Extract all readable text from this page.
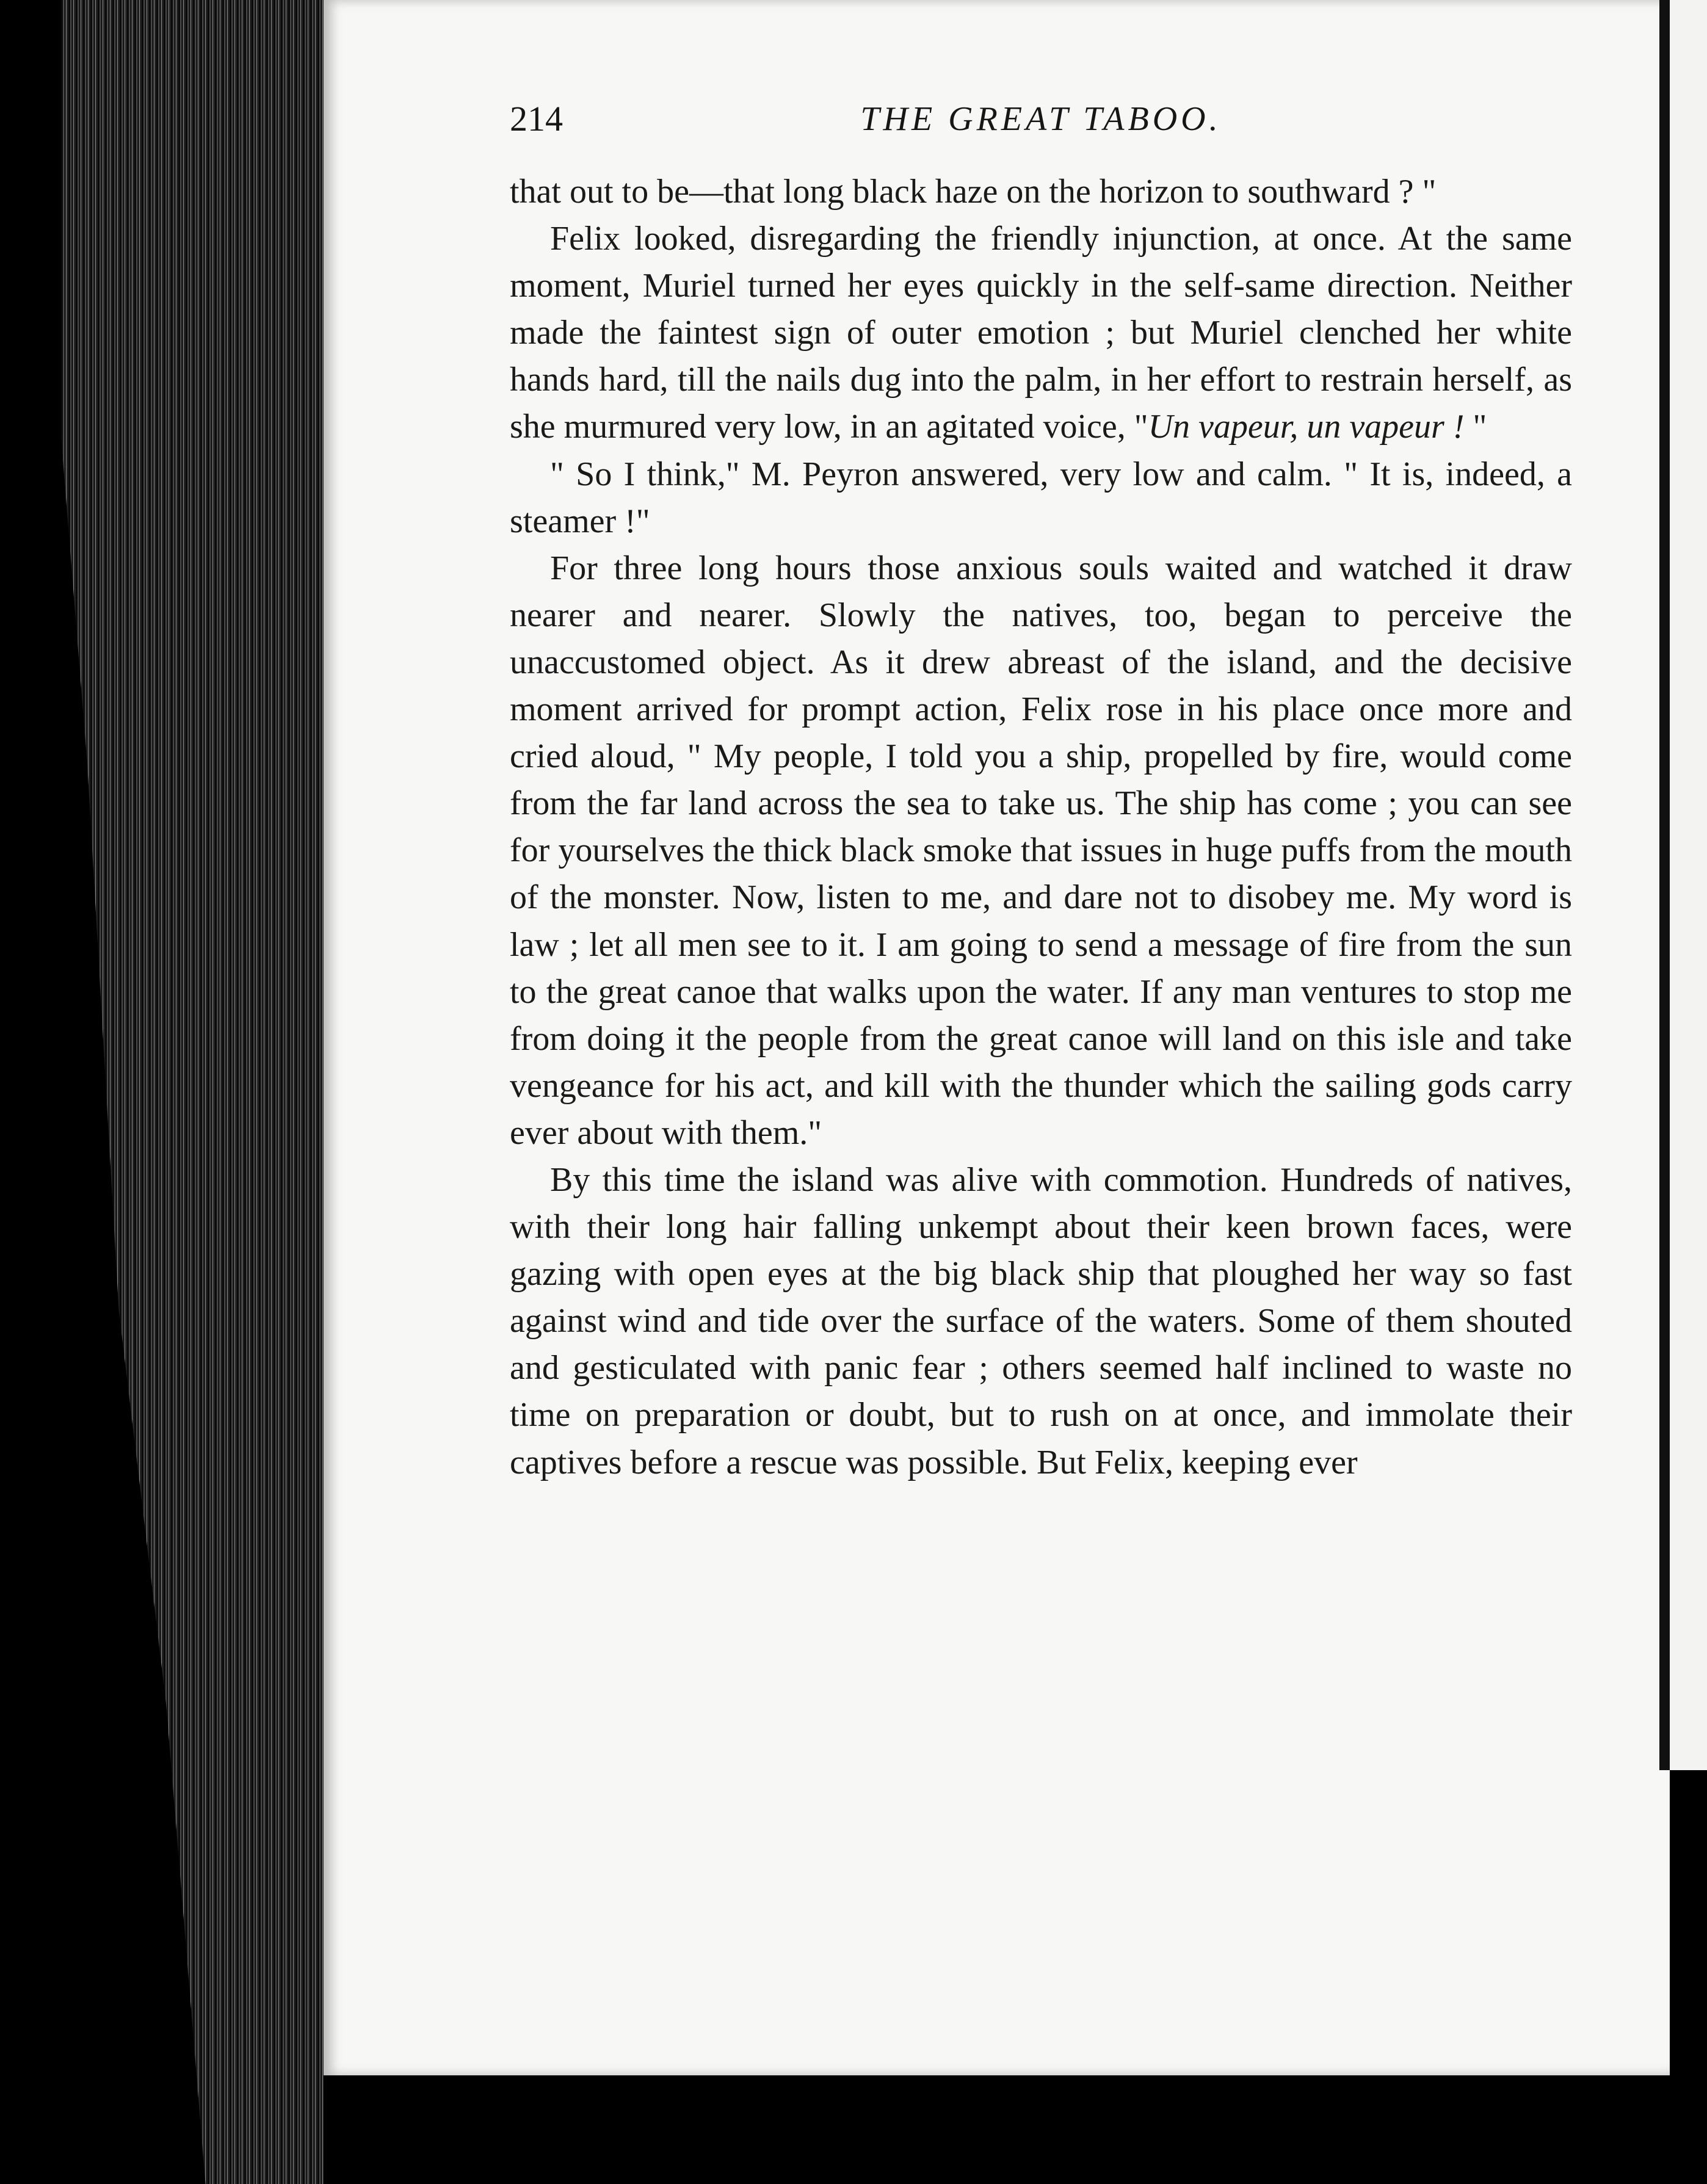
214	THE GREAT TABOO.

that out to be—that long black haze on the horizon to southward ? "

Felix looked, disregarding the friendly injunction, at once. At the same moment, Muriel turned her eyes quickly in the self-same direction. Neither made the faintest sign of outer emotion ; but Muriel clenched her white hands hard, till the nails dug into the palm, in her effort to restrain herself, as she murmured very low, in an agitated voice, "Un vapeur, un vapeur ! "

" So I think," M. Peyron answered, very low and calm. " It is, indeed, a steamer !"

For three long hours those anxious souls waited and watched it draw nearer and nearer. Slowly the natives, too, began to perceive the unaccustomed object. As it drew abreast of the island, and the decisive moment arrived for prompt action, Felix rose in his place once more and cried aloud, " My people, I told you a ship, propelled by fire, would come from the far land across the sea to take us. The ship has come ; you can see for yourselves the thick black smoke that issues in huge puffs from the mouth of the monster. Now, listen to me, and dare not to disobey me. My word is law ; let all men see to it. I am going to send a message of fire from the sun to the great canoe that walks upon the water. If any man ventures to stop me from doing it the people from the great canoe will land on this isle and take vengeance for his act, and kill with the thunder which the sailing gods carry ever about with them."

By this time the island was alive with commotion. Hundreds of natives, with their long hair falling unkempt about their keen brown faces, were gazing with open eyes at the big black ship that ploughed her way so fast against wind and tide over the surface of the waters. Some of them shouted and gesticulated with panic fear ; others seemed half inclined to waste no time on preparation or doubt, but to rush on at once, and immolate their captives before a rescue was possible. But Felix, keeping ever
